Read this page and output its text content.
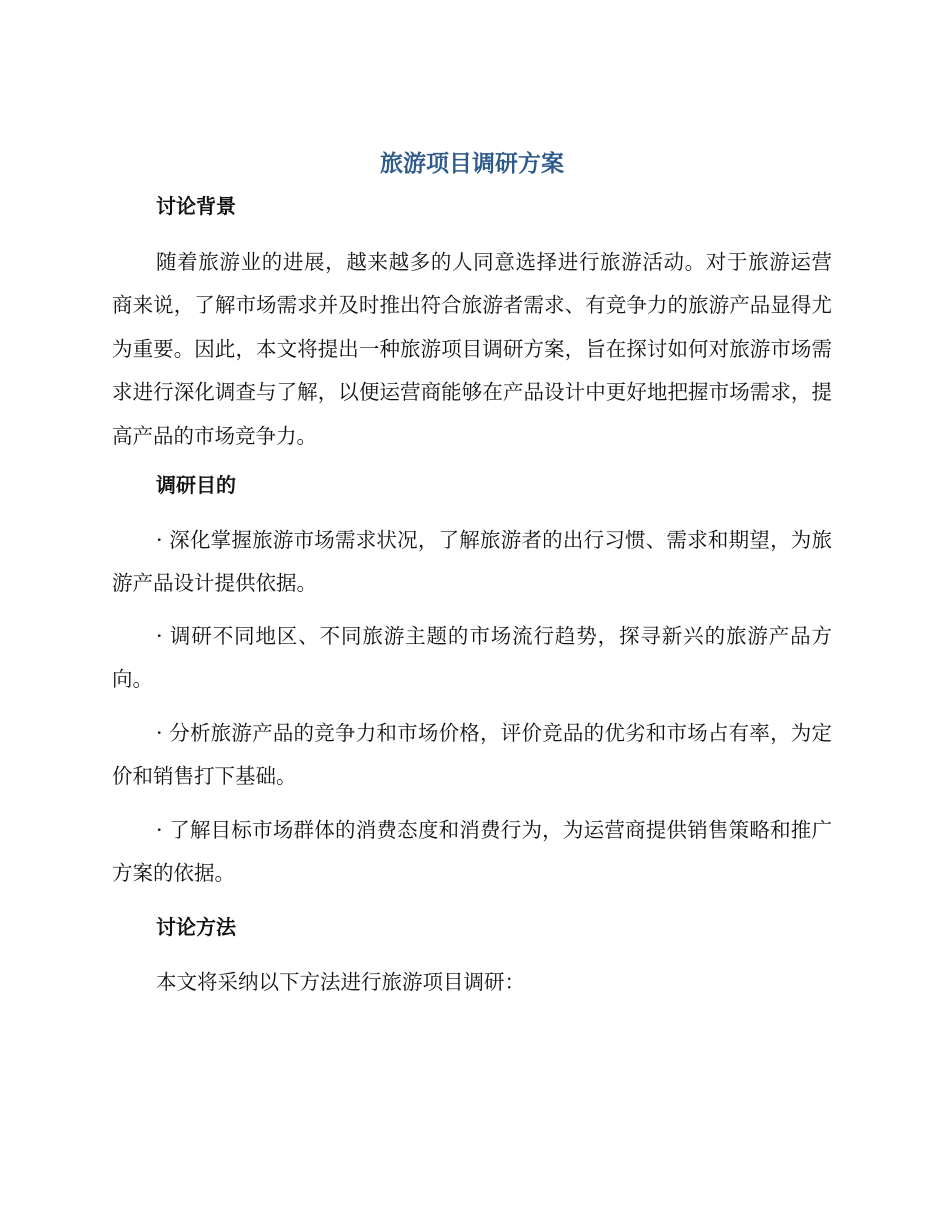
旅游项目调研方案
讨论背景

随着旅游业的进展，越来越多的人同意选择进行旅游活动。对于旅游运营商来说，了解市场需求并及时推出符合旅游者需求、有竞争力的旅游产品显得尤为重要。因此，本文将提出一种旅游项目调研方案，旨在探讨如何对旅游市场需求进行深化调查与了解，以便运营商能够在产品设计中更好地把握市场需求，提高产品的市场竞争力。

调研目的

· 深化掌握旅游市场需求状况，了解旅游者的出行习惯、需求和期望，为旅游产品设计提供依据。

· 调研不同地区、不同旅游主题的市场流行趋势，探寻新兴的旅游产品方向。

· 分析旅游产品的竞争力和市场价格，评价竞品的优劣和市场占有率，为定价和销售打下基础。

· 了解目标市场群体的消费态度和消费行为，为运营商提供销售策略和推广方案的依据。

讨论方法

本文将采纳以下方法进行旅游项目调研：
